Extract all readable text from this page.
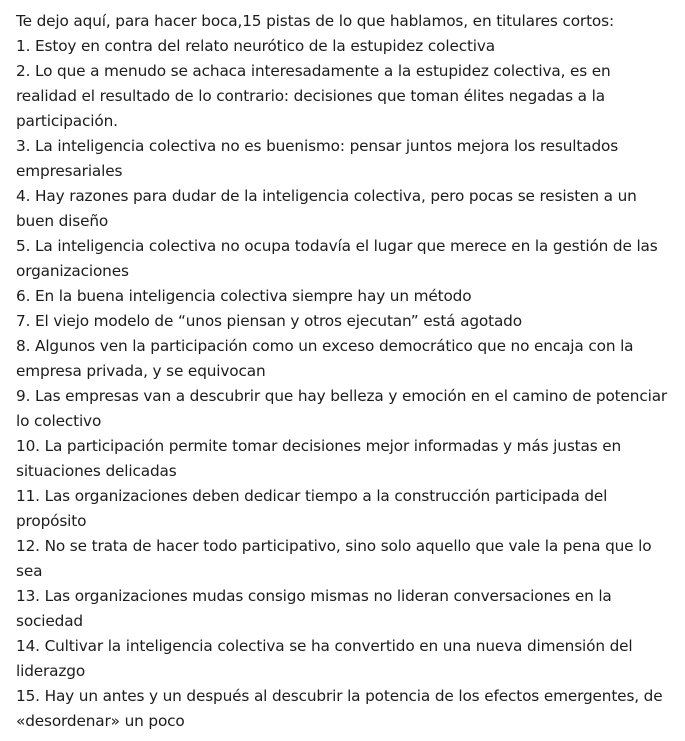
Te dejo aquí, para hacer boca,15 pistas de lo que hablamos, en titulares cortos:

1. Estoy en contra del relato neurótico de la estupidez colectiva

2. Lo que a menudo se achaca interesadamente a la estupidez colectiva, es en realidad el resultado de lo contrario: decisiones que toman élites negadas a la participación.

3. La inteligencia colectiva no es buenismo: pensar juntos mejora los resultados empresariales

4. Hay razones para dudar de la inteligencia colectiva, pero pocas se resisten a un buen diseño

5. La inteligencia colectiva no ocupa todavía el lugar que merece en la gestión de las organizaciones

6. En la buena inteligencia colectiva siempre hay un método

7. El viejo modelo de “unos piensan y otros ejecutan” está agotado

8. Algunos ven la participación como un exceso democrático que no encaja con la empresa privada, y se equivocan

9. Las empresas van a descubrir que hay belleza y emoción en el camino de potenciar lo colectivo

10. La participación permite tomar decisiones mejor informadas y más justas en situaciones delicadas

11. Las organizaciones deben dedicar tiempo a la construcción participada del propósito

12. No se trata de hacer todo participativo, sino solo aquello que vale la pena que lo sea

13. Las organizaciones mudas consigo mismas no lideran conversaciones en la sociedad

14. Cultivar la inteligencia colectiva se ha convertido en una nueva dimensión del liderazgo

15. Hay un antes y un después al descubrir la potencia de los efectos emergentes, de «desordenar» un poco
